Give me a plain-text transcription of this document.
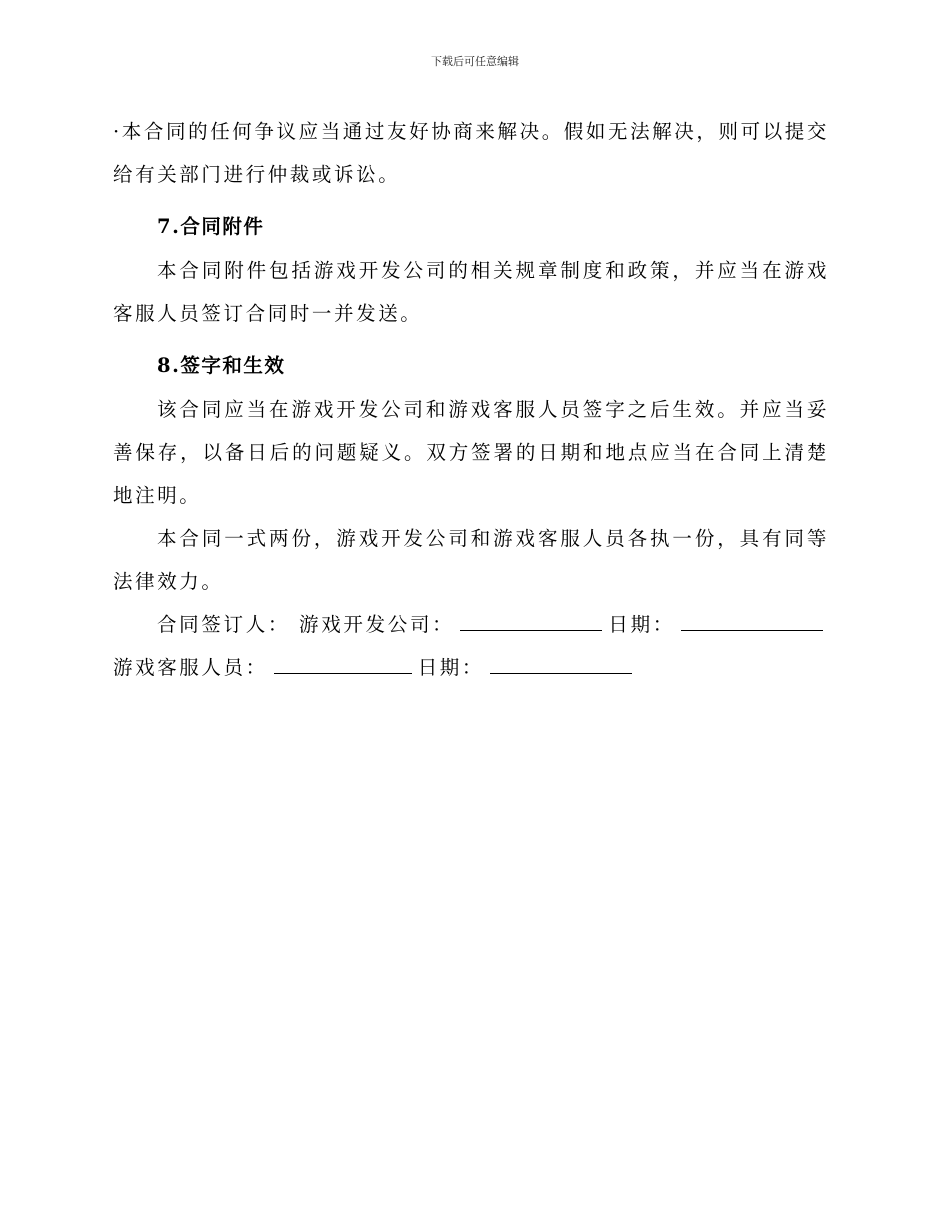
下载后可任意编辑

·本合同的任何争议应当通过友好协商来解决。假如无法解决，则可以提交给有关部门进行仲裁或诉讼。

7.合同附件

本合同附件包括游戏开发公司的相关规章制度和政策，并应当在游戏客服人员签订合同时一并发送。

8.签字和生效

该合同应当在游戏开发公司和游戏客服人员签字之后生效。并应当妥善保存，以备日后的问题疑义。双方签署的日期和地点应当在合同上清楚地注明。

本合同一式两份，游戏开发公司和游戏客服人员各执一份，具有同等法律效力。

合同签订人： 游戏开发公司：	日期：游戏客服人员：	日期：
